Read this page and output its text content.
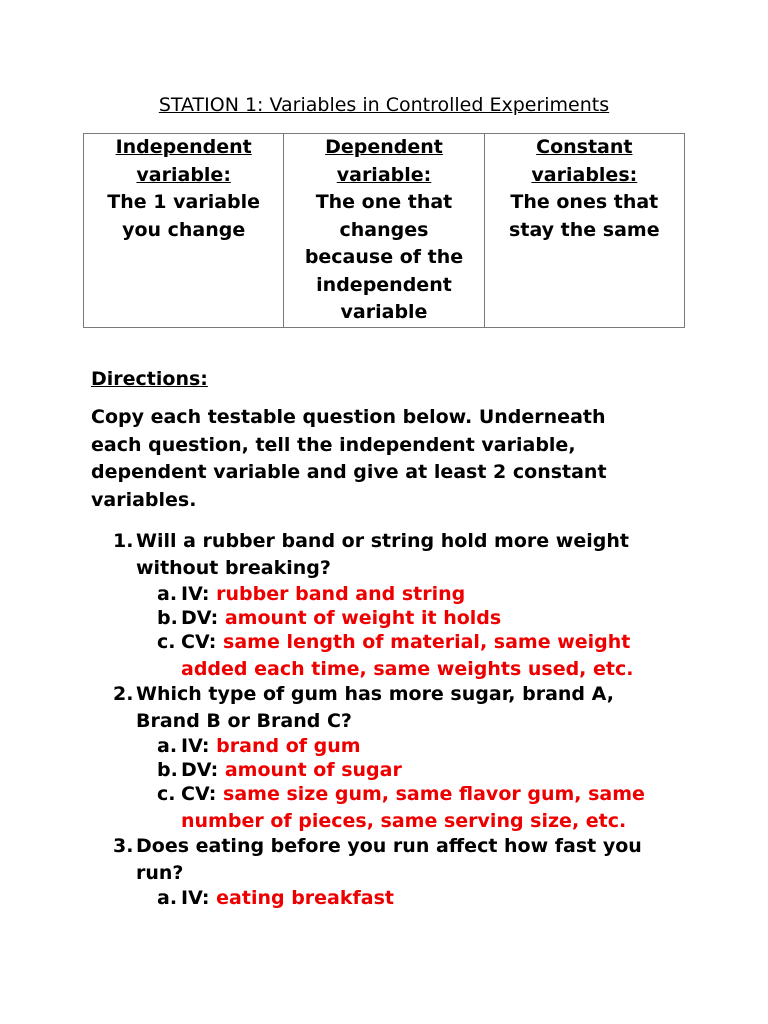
STATION 1: Variables in Controlled Experiments
Independent
variable:
The 1 variable
you change

Dependent
variable:
The one that
changes
because of the
independent
variable

Constant
variables:
The ones that
stay the same
Directions:
Copy each testable question below. Underneath
each question, tell the independent variable,
dependent variable and give at least 2 constant
variables.
1. Will a rubber band or string hold more weight
without breaking?
a. IV: rubber band and string
b. DV: amount of weight it holds
c. CV: same length of material, same weight
added each time, same weights used, etc.
2. Which type of gum has more sugar, brand A,
Brand B or Brand C?
a. IV: brand of gum
b. DV: amount of sugar
c. CV: same size gum, same flavor gum, same
number of pieces, same serving size, etc.
3. Does eating before you run affect how fast you
run?
a. IV: eating breakfast
